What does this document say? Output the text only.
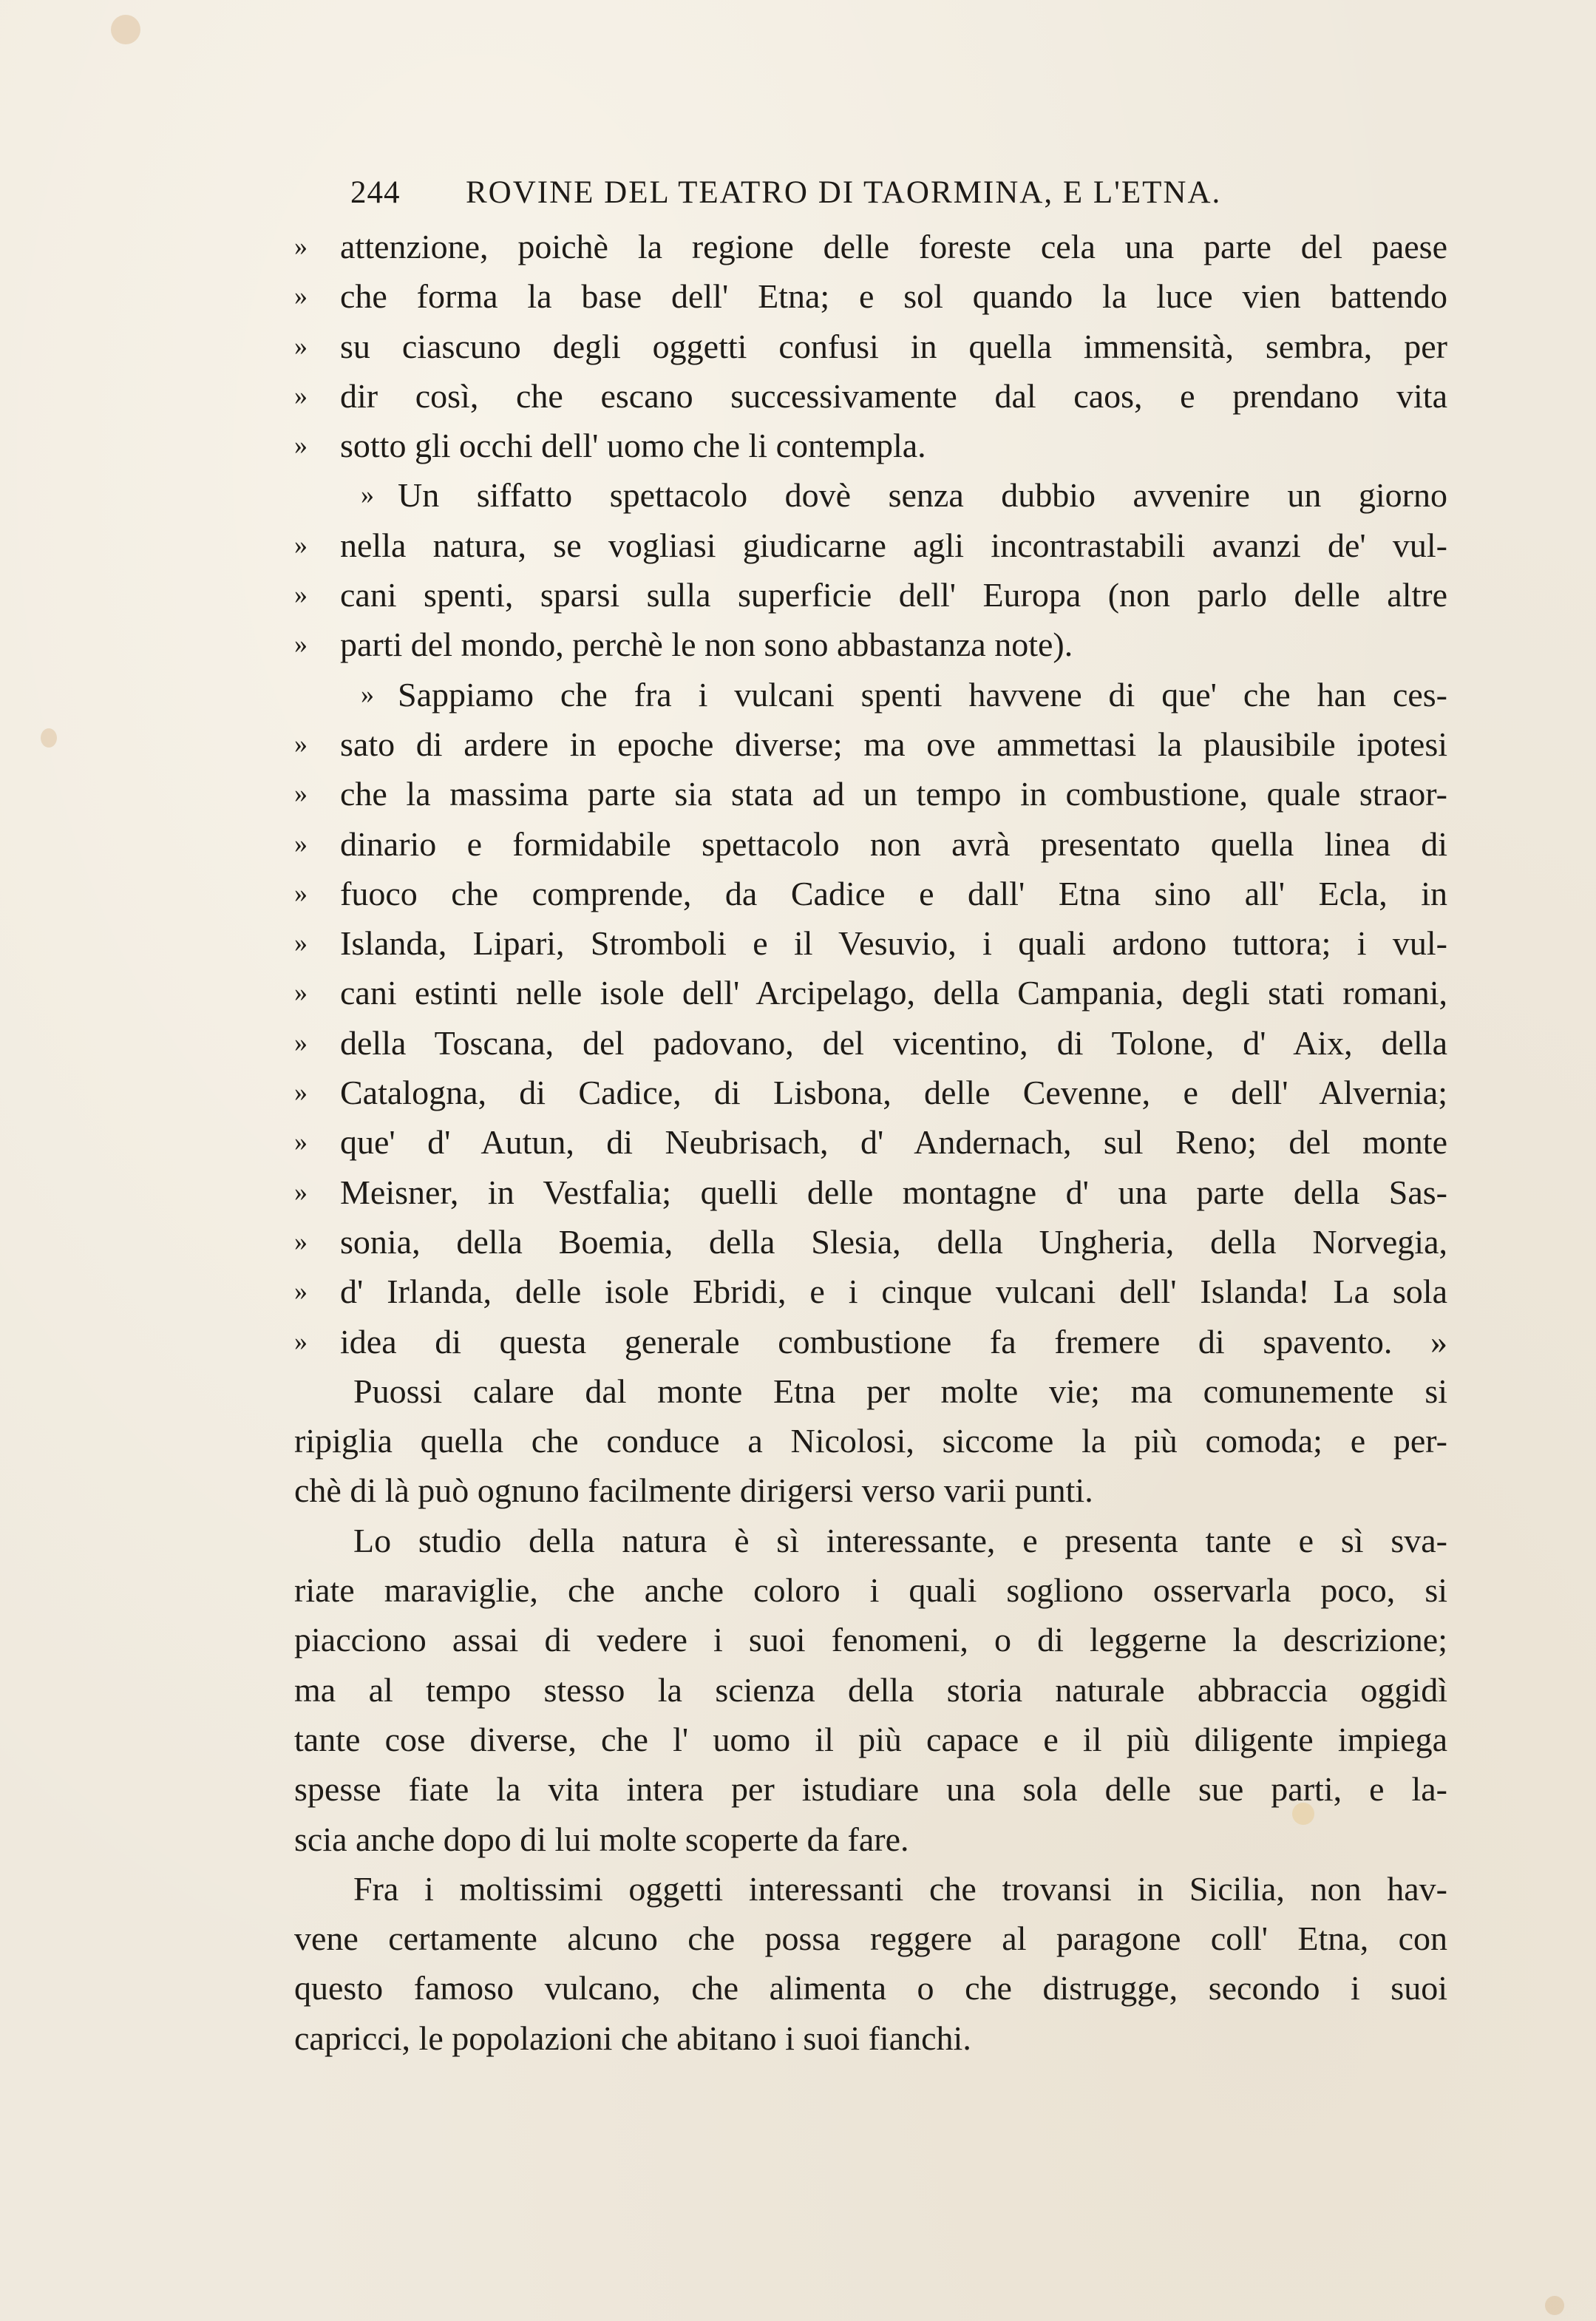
244 ROVINE DEL TEATRO DI TAORMINA, E L'ETNA.
» attenzione, poichè la regione delle foreste cela una parte del paese
» che forma la base dell' Etna; e sol quando la luce vien battendo
» su ciascuno degli oggetti confusi in quella immensità, sembra, per
» dir così, che escano successivamente dal caos, e prendano vita
» sotto gli occhi dell' uomo che li contempla.
» Un siffatto spettacolo dovè senza dubbio avvenire un giorno
» nella natura, se vogliasi giudicarne agli incontrastabili avanzi de' vul-
» cani spenti, sparsi sulla superficie dell' Europa (non parlo delle altre
» parti del mondo, perchè le non sono abbastanza note).
» Sappiamo che fra i vulcani spenti havvene di que' che han ces-
» sato di ardere in epoche diverse; ma ove ammettasi la plausibile ipotesi
» che la massima parte sia stata ad un tempo in combustione, quale straor-
» dinario e formidabile spettacolo non avrà presentato quella linea di
» fuoco che comprende, da Cadice e dall' Etna sino all' Ecla, in
» Islanda, Lipari, Stromboli e il Vesuvio, i quali ardono tuttora; i vul-
» cani estinti nelle isole dell' Arcipelago, della Campania, degli stati romani,
» della Toscana, del padovano, del vicentino, di Tolone, d' Aix, della
» Catalogna, di Cadice, di Lisbona, delle Cevenne, e dell' Alvernia;
» que' d' Autun, di Neubrisach, d' Andernach, sul Reno; del monte
» Meisner, in Vestfalia; quelli delle montagne d' una parte della Sas-
» sonia, della Boemia, della Slesia, della Ungheria, della Norvegia,
» d' Irlanda, delle isole Ebridi, e i cinque vulcani dell' Islanda! La sola
» idea di questa generale combustione fa fremere di spavento. »
Puossi calare dal monte Etna per molte vie; ma comunemente si
ripiglia quella che conduce a Nicolosi, siccome la più comoda; e per-
chè di là può ognuno facilmente dirigersi verso varii punti.
Lo studio della natura è sì interessante, e presenta tante e sì sva-
riate maraviglie, che anche coloro i quali sogliono osservarla poco, si
piacciono assai di vedere i suoi fenomeni, o di leggerne la descrizione;
ma al tempo stesso la scienza della storia naturale abbraccia oggidì
tante cose diverse, che l' uomo il più capace e il più diligente impiega
spesse fiate la vita intera per istudiare una sola delle sue parti, e la-
scia anche dopo di lui molte scoperte da fare.
Fra i moltissimi oggetti interessanti che trovansi in Sicilia, non hav-
vene certamente alcuno che possa reggere al paragone coll' Etna, con
questo famoso vulcano, che alimenta o che distrugge, secondo i suoi
capricci, le popolazioni che abitano i suoi fianchi.
